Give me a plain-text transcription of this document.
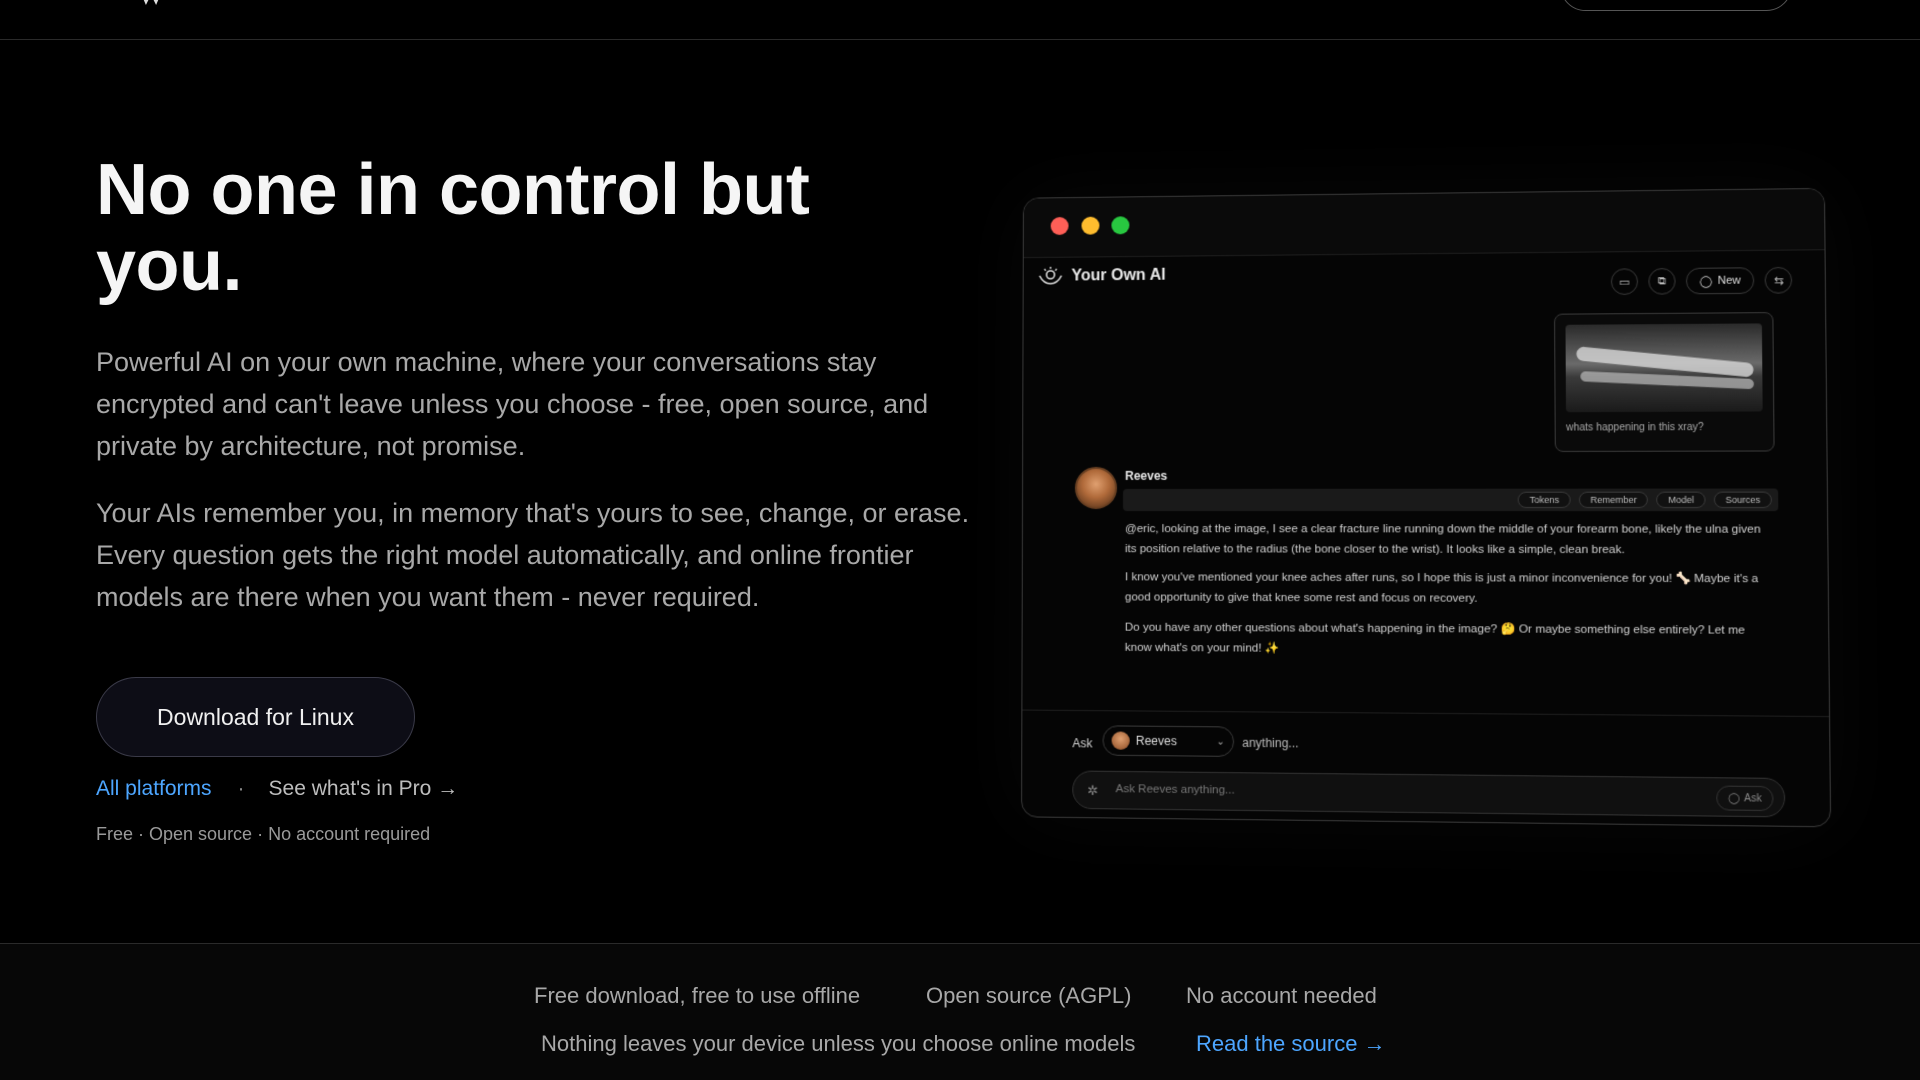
No one in control but you.

Powerful AI on your own machine, where your conversations stay encrypted and can't leave unless you choose - free, open source, and private by architecture, not promise.

Your AIs remember you, in memory that's yours to see, change, or erase. Every question gets the right model automatically, and online frontier models are there when you want them - never required.

Download for Linux
All platforms · See what's in Pro →
Free · Open source · No account required
Your Own AI	▭	⧉	◯ New	⇆
whats happening in this xray?
Reeves
Tokens	Remember	Model	Sources

@eric, looking at the image, I see a clear fracture line running down the middle of your forearm bone, likely the ulna given its position relative to the radius (the bone closer to the wrist). It looks like a simple, clean break.

I know you've mentioned your knee aches after runs, so I hope this is just a minor inconvenience for you! 🦴 Maybe it's a good opportunity to give that knee some rest and focus on recovery.

Do you have any other questions about what's happening in the image? 🤔 Or maybe something else entirely? Let me know what's on your mind! ✨

Ask	Reeves	⌄ anything...
✲ Ask Reeves anything...
◯ Ask
Free download, free to use offline	Open source (AGPL) No account needed
Nothing leaves your device unless you choose online models	Read the source →
